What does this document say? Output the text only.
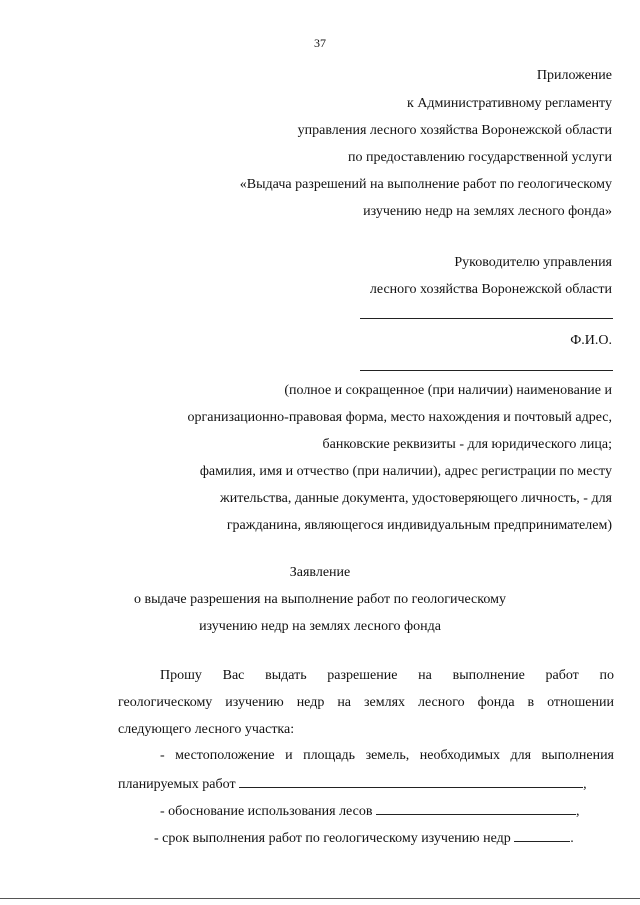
37
Приложение
к Административному регламенту
управления лесного хозяйства Воронежской области
по предоставлению государственной услуги
«Выдача разрешений на выполнение работ по геологическому
изучению недр на землях лесного фонда»
Руководителю управления
лесного хозяйства Воронежской области
Ф.И.О.
(полное и сокращенное (при наличии) наименование и
организационно-правовая форма, место нахождения и почтовый адрес,
банковские реквизиты - для юридического лица;
фамилия, имя и отчество (при наличии), адрес регистрации по месту
жительства, данные документа, удостоверяющего личность, - для
гражданина, являющегося индивидуальным предпринимателем)
Заявление
о выдаче разрешения на выполнение работ по геологическому
изучению недр на землях лесного фонда
Прошу Вас выдать разрешение на выполнение работ по
геологическому изучению недр на землях лесного фонда в отношении
следующего лесного участка:
- местоположение и площадь земель, необходимых для выполнения
планируемых работ	,
- обоснование использования лесов	,
- срок выполнения работ по геологическому изучению недр	.
